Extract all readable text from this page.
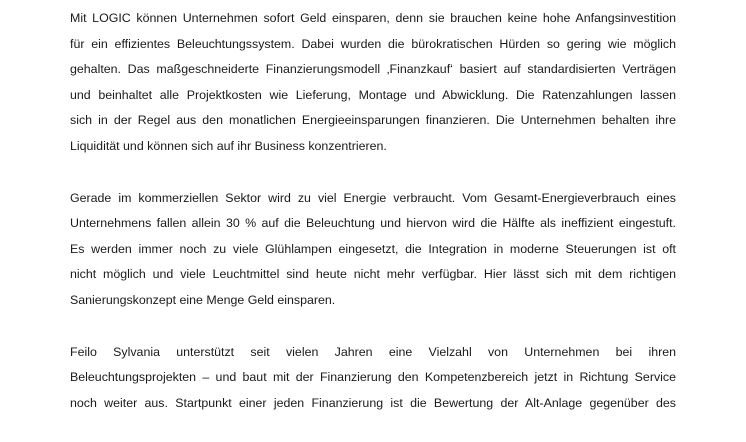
Mit LOGIC können Unternehmen sofort Geld einsparen, denn sie brauchen keine hohe Anfangsinvestition
für ein effizientes Beleuchtungssystem. Dabei wurden die bürokratischen Hürden so gering wie möglich
gehalten. Das maßgeschneiderte Finanzierungsmodell ‚Finanzkauf‘ basiert auf standardisierten Verträgen
und beinhaltet alle Projektkosten wie Lieferung, Montage und Abwicklung. Die Ratenzahlungen lassen
sich in der Regel aus den monatlichen Energieeinsparungen finanzieren. Die Unternehmen behalten ihre
Liquidität und können sich auf ihr Business konzentrieren.

Gerade im kommerziellen Sektor wird zu viel Energie verbraucht. Vom Gesamt-Energieverbrauch eines
Unternehmens fallen allein 30 % auf die Beleuchtung und hiervon wird die Hälfte als ineffizient eingestuft.
Es werden immer noch zu viele Glühlampen eingesetzt, die Integration in moderne Steuerungen ist oft
nicht möglich und viele Leuchtmittel sind heute nicht mehr verfügbar. Hier lässt sich mit dem richtigen
Sanierungskonzept eine Menge Geld einsparen.

Feilo Sylvania unterstützt seit vielen Jahren eine Vielzahl von Unternehmen bei ihren
Beleuchtungsprojekten – und baut mit der Finanzierung den Kompetenzbereich jetzt in Richtung Service
noch weiter aus. Startpunkt einer jeden Finanzierung ist die Bewertung der Alt-Anlage gegenüber des
